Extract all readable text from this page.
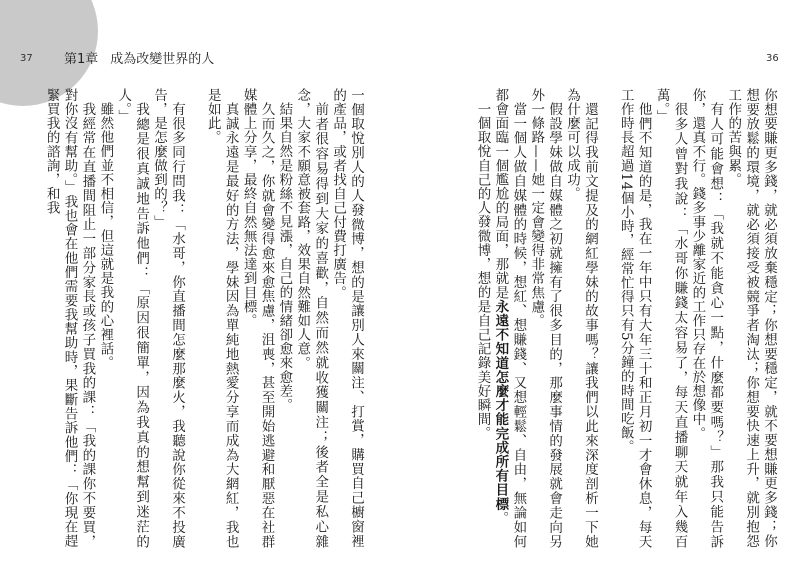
37	36
第1章 成為改變世界的人

你想要賺更多錢，就必須放棄穩定；你想要穩定，就不要想賺更多錢；你想要放鬆的環境，就必須接受被競爭者淘汰；你想要快速上升，就別抱怨工作的苦與累。

有人可能會想：「我就不能貪心一點，什麼都要嗎？」那我只能告訴你，還真不行。錢多事少離家近的工作只存在於想像中。

很多人曾對我說：「水哥你賺錢太容易了，每天直播聊天就年入幾百萬。」

他們不知道的是，我在一年中只有大年三十和正月初一才會休息，每天工作時長超過14個小時，經常忙得只有5分鐘的時間吃飯。

還記得我前文提及的網紅學妹的故事嗎？讓我們以此來深度剖析一下她為什麼可以成功。

假設學妹做自媒體之初就擁有了很多目的，那麼事情的發展就會走向另外一條路——她一定會變得非常焦慮。

當一個人做自媒體的時候，想紅、想賺錢、又想輕鬆、自由，無論如何都會面臨一個尷尬的局面，那就是永遠不知道怎麼才能完成所有目標。

一個取悅自己的人發微博，想的是自己記錄美好瞬間。

一個取悅別人的人發微博，想的是讓別人來關注、打賞，購買自己櫥窗裡的產品，或者找自己付費打廣告。

前者很容易得到大家的喜歡，自然而然就收獲關注；後者全是私心雜念，大家不願意被套路，效果自然難如人意。

結果自然是粉絲不見漲，自己的情緒卻愈來愈差。

久而久之，你就會變得愈來愈焦慮，沮喪，甚至開始逃避和厭惡在社群媒體上分享，最終自然無法達到目標。

真誠永遠是最好的方法，學妹因為單純地熱愛分享而成為大網紅，我也是如此。

有很多同行問我：「水哥，你直播間怎麼那麼火，我聽說你從來不投廣告，是怎麼做到的？」

我總是很真誠地告訴他們：「原因很簡單，因為我真的想幫到迷茫的人。」

雖然他們並不相信，但這就是我的心裡話。

我經常在直播間阻止一部分家長或孩子買我的課：「我的課你不要買，對你沒有幫助。」我也會在他們需要我幫助時，果斷告訴他們：「你現在趕緊買我的諮詢，和我
